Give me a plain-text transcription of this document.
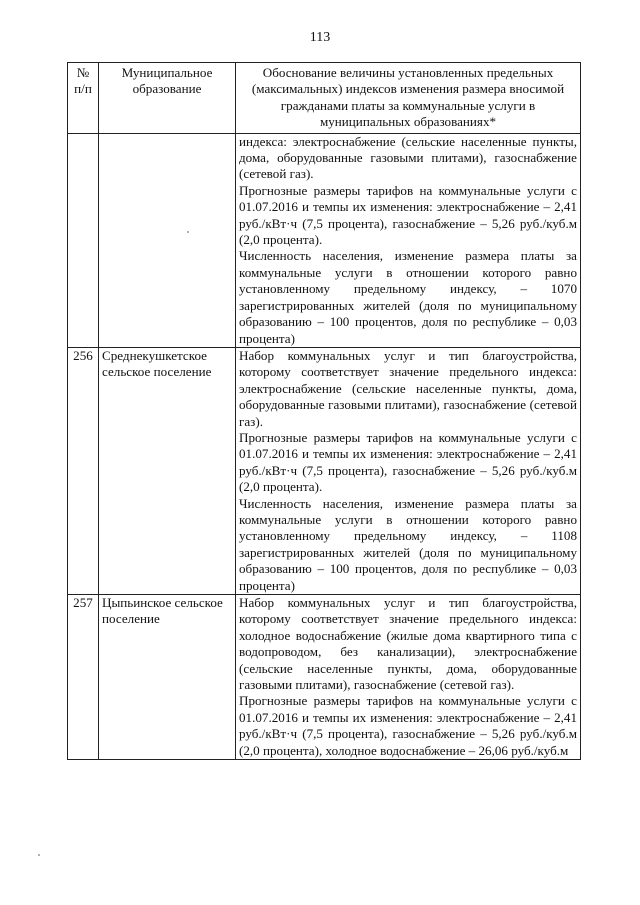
113
№ п/п	Муниципальное образование	Обоснование величины установленных предельных (максимальных) индексов изменения размера вносимой гражданами платы за коммунальные услуги в муниципальных образованиях*

		индекса: электроснабжение (сельские населенные пункты, дома, оборудованные газовыми плитами), газоснабжение (сетевой газ).

Прогнозные размеры тарифов на коммунальные услуги с 01.07.2016 и темпы их изменения: электроснабжение – 2,41 руб./кВт·ч (7,5 процента), газоснабжение – 5,26 руб./куб.м (2,0 процента).

Численность населения, изменение размера платы за коммунальные услуги в отношении которого равно установленному предельному индексу, – 1070 зарегистрированных жителей (доля по муниципальному образованию – 100 процентов, доля по республике – 0,03 процента)

256	Среднекушкетское сельское поселение	Набор коммунальных услуг и тип благоустройства, которому соответствует значение предельного индекса: электроснабжение (сельские населенные пункты, дома, оборудованные газовыми плитами), газоснабжение (сетевой газ).

Прогнозные размеры тарифов на коммунальные услуги с 01.07.2016 и темпы их изменения: электроснабжение – 2,41 руб./кВт·ч (7,5 процента), газоснабжение – 5,26 руб./куб.м (2,0 процента).

Численность населения, изменение размера платы за коммунальные услуги в отношении которого равно установленному предельному индексу, – 1108 зарегистрированных жителей (доля по муниципальному образованию – 100 процентов, доля по республике – 0,03 процента)

257	Цыпьинское сельское поселение	Набор коммунальных услуг и тип благоустройства, которому соответствует значение предельного индекса: холодное водоснабжение (жилые дома квартирного типа с водопроводом, без канализации), электроснабжение (сельские населенные пункты, дома, оборудованные газовыми плитами), газоснабжение (сетевой газ).

Прогнозные размеры тарифов на коммунальные услуги с 01.07.2016 и темпы их изменения: электроснабжение – 2,41 руб./кВт·ч (7,5 процента), газоснабжение – 5,26 руб./куб.м (2,0 процента), холодное водоснабжение – 26,06 руб./куб.м
